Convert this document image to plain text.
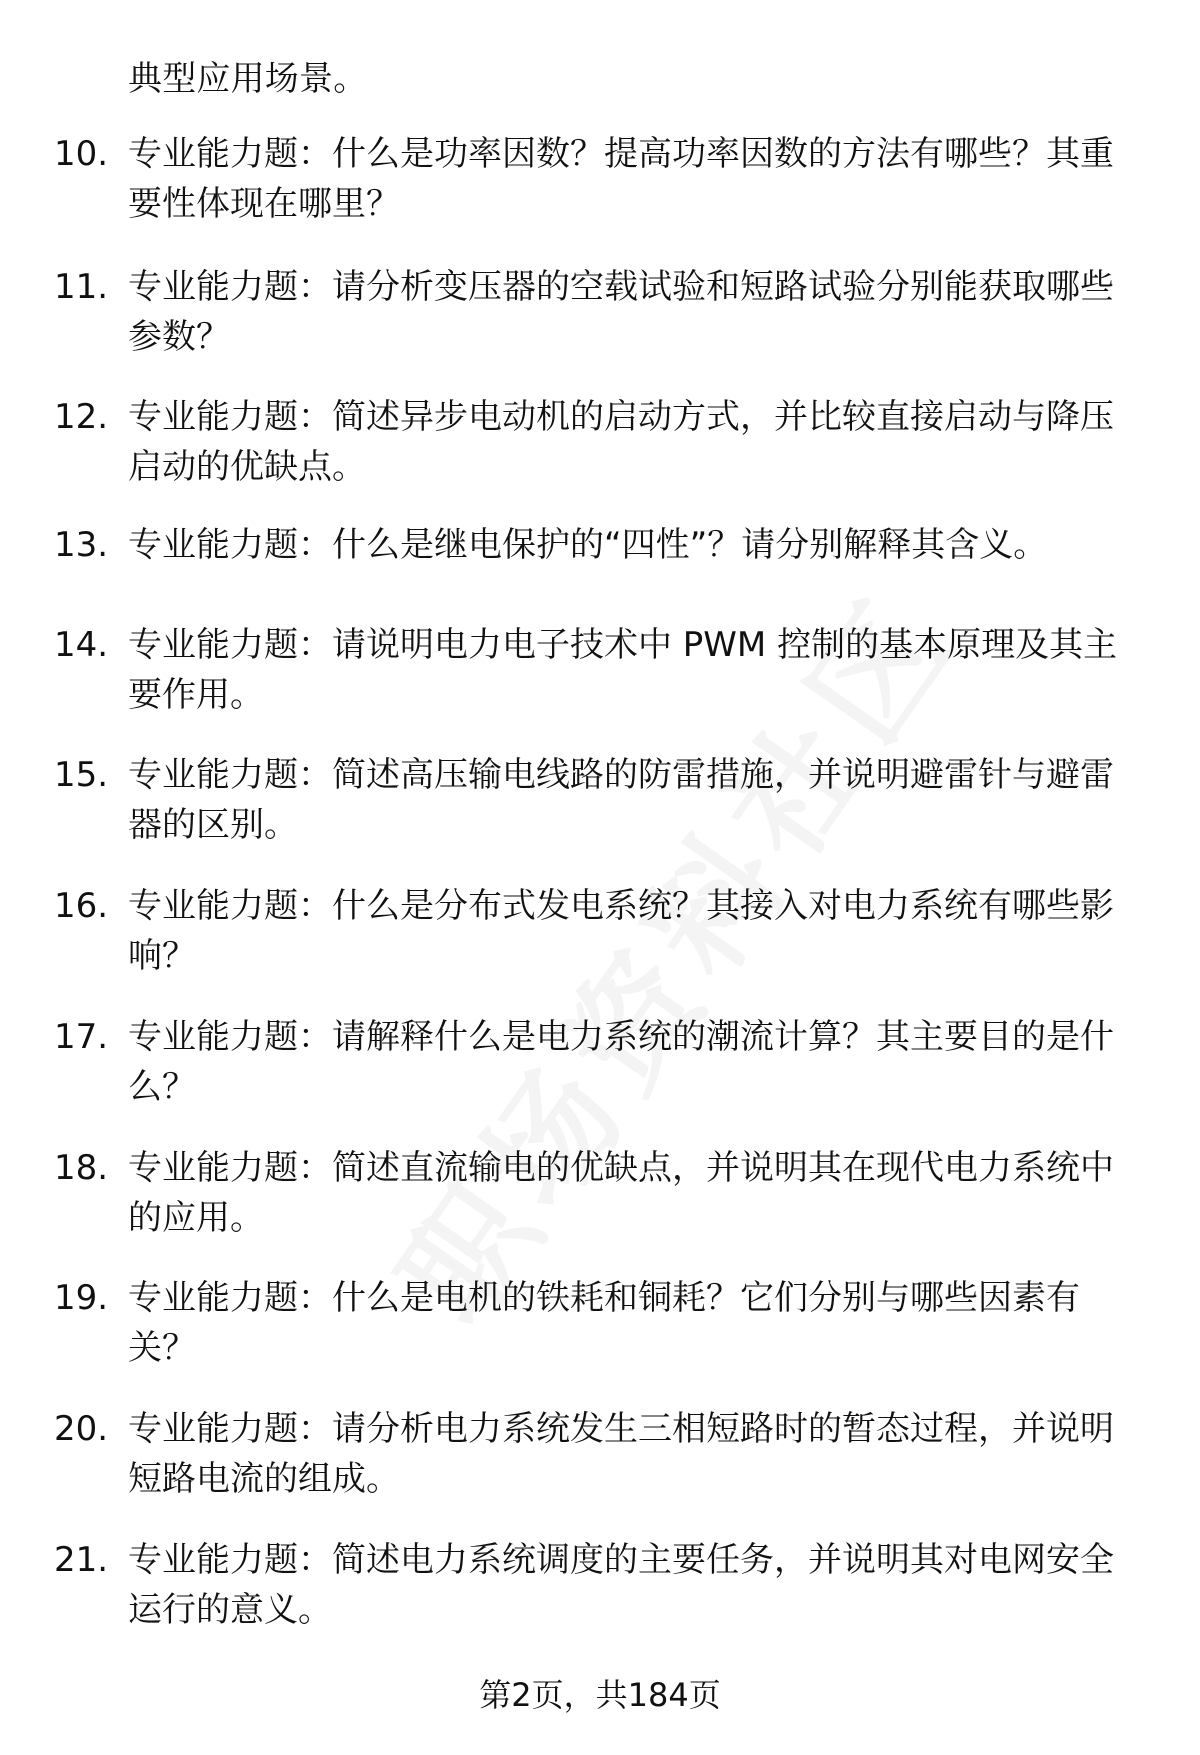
典型应用场景。
10. 专业能力题：什么是功率因数？提高功率因数的方法有哪些？其重要性体现在哪里？
11. 专业能力题：请分析变压器的空载试验和短路试验分别能获取哪些参数？
12. 专业能力题：简述异步电动机的启动方式，并比较直接启动与降压启动的优缺点。
13. 专业能力题：什么是继电保护的“四性”？请分别解释其含义。
14. 专业能力题：请说明电力电子技术中 PWM 控制的基本原理及其主要作用。
15. 专业能力题：简述高压输电线路的防雷措施，并说明避雷针与避雷器的区别。
16. 专业能力题：什么是分布式发电系统？其接入对电力系统有哪些影响？
17. 专业能力题：请解释什么是电力系统的潮流计算？其主要目的是什么？
18. 专业能力题：简述直流输电的优缺点，并说明其在现代电力系统中的应用。
19. 专业能力题：什么是电机的铁耗和铜耗？它们分别与哪些因素有关？
20. 专业能力题：请分析电力系统发生三相短路时的暂态过程，并说明短路电流的组成。
21. 专业能力题：简述电力系统调度的主要任务，并说明其对电网安全运行的意义。
第2页，共184页
